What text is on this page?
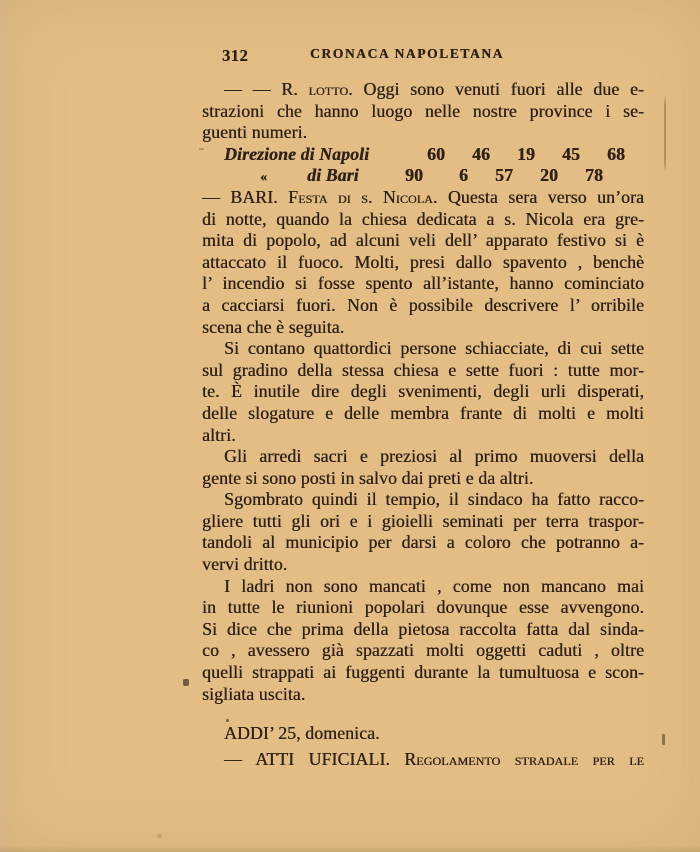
312	CRONACA NAPOLETANA
— — R. lotto. Oggi sono venuti fuori alle due e-
strazioni che hanno luogo nelle nostre province i se-
guenti numeri.
Direzione di Napoli	60	46	19	45	68
« di Bari	90	6	57	20	78
— BARI. Festa di s. Nicola. Questa sera verso un’ora
di notte, quando la chiesa dedicata a s. Nicola era gre-
mita di popolo, ad alcuni veli dell’ apparato festivo si è
attaccato il fuoco. Molti, presi dallo spavento , benchè
l’ incendio si fosse spento all’istante, hanno cominciato
a cacciarsi fuori. Non è possibile descrivere l’ orribile
scena che è seguita.
Si contano quattordici persone schiacciate, di cui sette
sul gradino della stessa chiesa e sette fuori : tutte mor-
te. È inutile dire degli svenimenti, degli urli disperati,
delle slogature e delle membra frante di molti e molti
altri.
Gli arredi sacri e preziosi al primo muoversi della
gente si sono posti in salvo dai preti e da altri.
Sgombrato quindi il tempio, il sindaco ha fatto racco-
gliere tutti gli ori e i gioielli seminati per terra traspor-
tandoli al municipio per darsi a coloro che potranno a-
vervi dritto.
I ladri non sono mancati , come non mancano mai
in tutte le riunioni popolari dovunque esse avvengono.
Si dice che prima della pietosa raccolta fatta dal sinda-
co , avessero già spazzati molti oggetti caduti , oltre
quelli strappati ai fuggenti durante la tumultuosa e scon-
sigliata uscita.
ADDI’ 25, domenica.
— ATTI UFICIALI. Regolamento stradale per le
